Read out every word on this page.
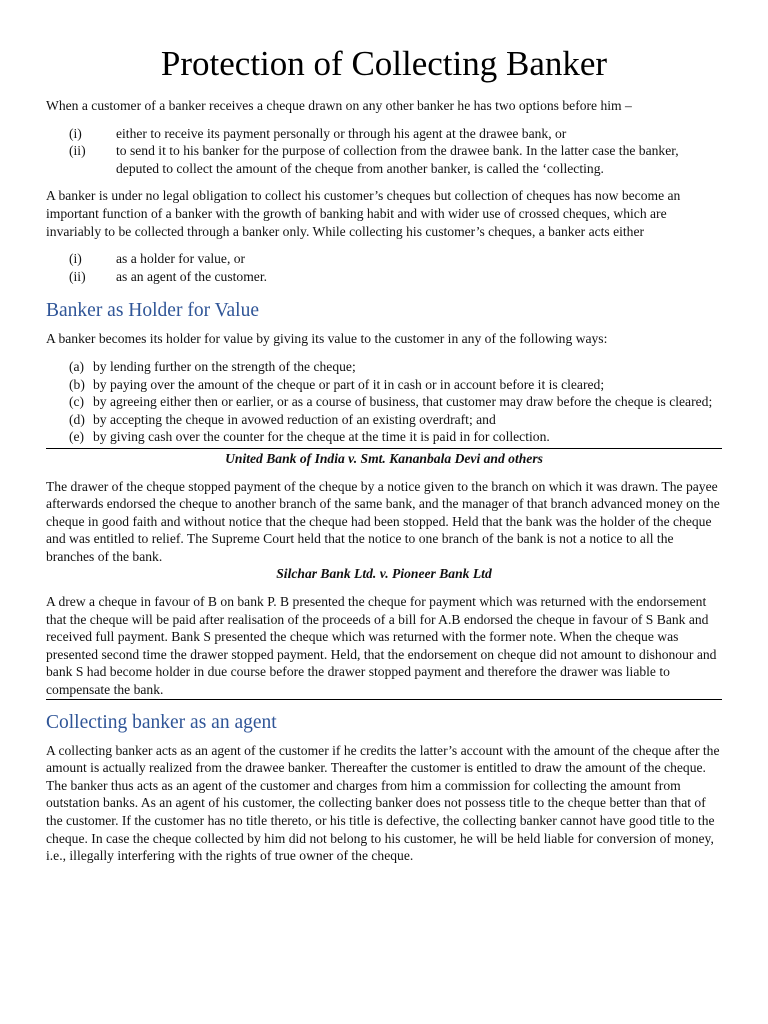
Protection of Collecting Banker

When a customer of a banker receives a cheque drawn on any other banker he has two options before him –

(i)	either to receive its payment personally or through his agent at the drawee bank, or
(ii)	to send it to his banker for the purpose of collection from the drawee bank. In the latter case the banker, deputed to collect the amount of the cheque from another banker, is called the ‘collecting.

A banker is under no legal obligation to collect his customer’s cheques but collection of cheques has now become an important function of a banker with the growth of banking habit and with wider use of crossed cheques, which are invariably to be collected through a banker only. While collecting his customer’s cheques, a banker acts either

(i)	as a holder for value, or
(ii)	as an agent of the customer.
Banker as Holder for Value

A banker becomes its holder for value by giving its value to the customer in any of the following ways:

(a) by lending further on the strength of the cheque;
(b) by paying over the amount of the cheque or part of it in cash or in account before it is cleared;
(c) by agreeing either then or earlier, or as a course of business, that customer may draw before the cheque is cleared;
(d) by accepting the cheque in avowed reduction of an existing overdraft; and
(e) by giving cash over the counter for the cheque at the time it is paid in for collection.

United Bank of India v. Smt. Kananbala Devi and others

The drawer of the cheque stopped payment of the cheque by a notice given to the branch on which it was drawn. The payee afterwards endorsed the cheque to another branch of the same bank, and the manager of that branch advanced money on the cheque in good faith and without notice that the cheque had been stopped. Held that the bank was the holder of the cheque and was entitled to relief. The Supreme Court held that the notice to one branch of the bank is not a notice to all the branches of the bank.

Silchar Bank Ltd. v. Pioneer Bank Ltd

A drew a cheque in favour of B on bank P. B presented the cheque for payment which was returned with the endorsement that the cheque will be paid after realisation of the proceeds of a bill for A.B endorsed the cheque in favour of S Bank and received full payment. Bank S presented the cheque which was returned with the former note. When the cheque was presented second time the drawer stopped payment. Held, that the endorsement on cheque did not amount to dishonour and bank S had become holder in due course before the drawer stopped payment and therefore the drawer was liable to compensate the bank.

Collecting banker as an agent

A collecting banker acts as an agent of the customer if he credits the latter’s account with the amount of the cheque after the amount is actually realized from the drawee banker. Thereafter the customer is entitled to draw the amount of the cheque. The banker thus acts as an agent of the customer and charges from him a commission for collecting the amount from outstation banks. As an agent of his customer, the collecting banker does not possess title to the cheque better than that of the customer. If the customer has no title thereto, or his title is defective, the collecting banker cannot have good title to the cheque. In case the cheque collected by him did not belong to his customer, he will be held liable for conversion of money, i.e., illegally interfering with the rights of true owner of the cheque.
